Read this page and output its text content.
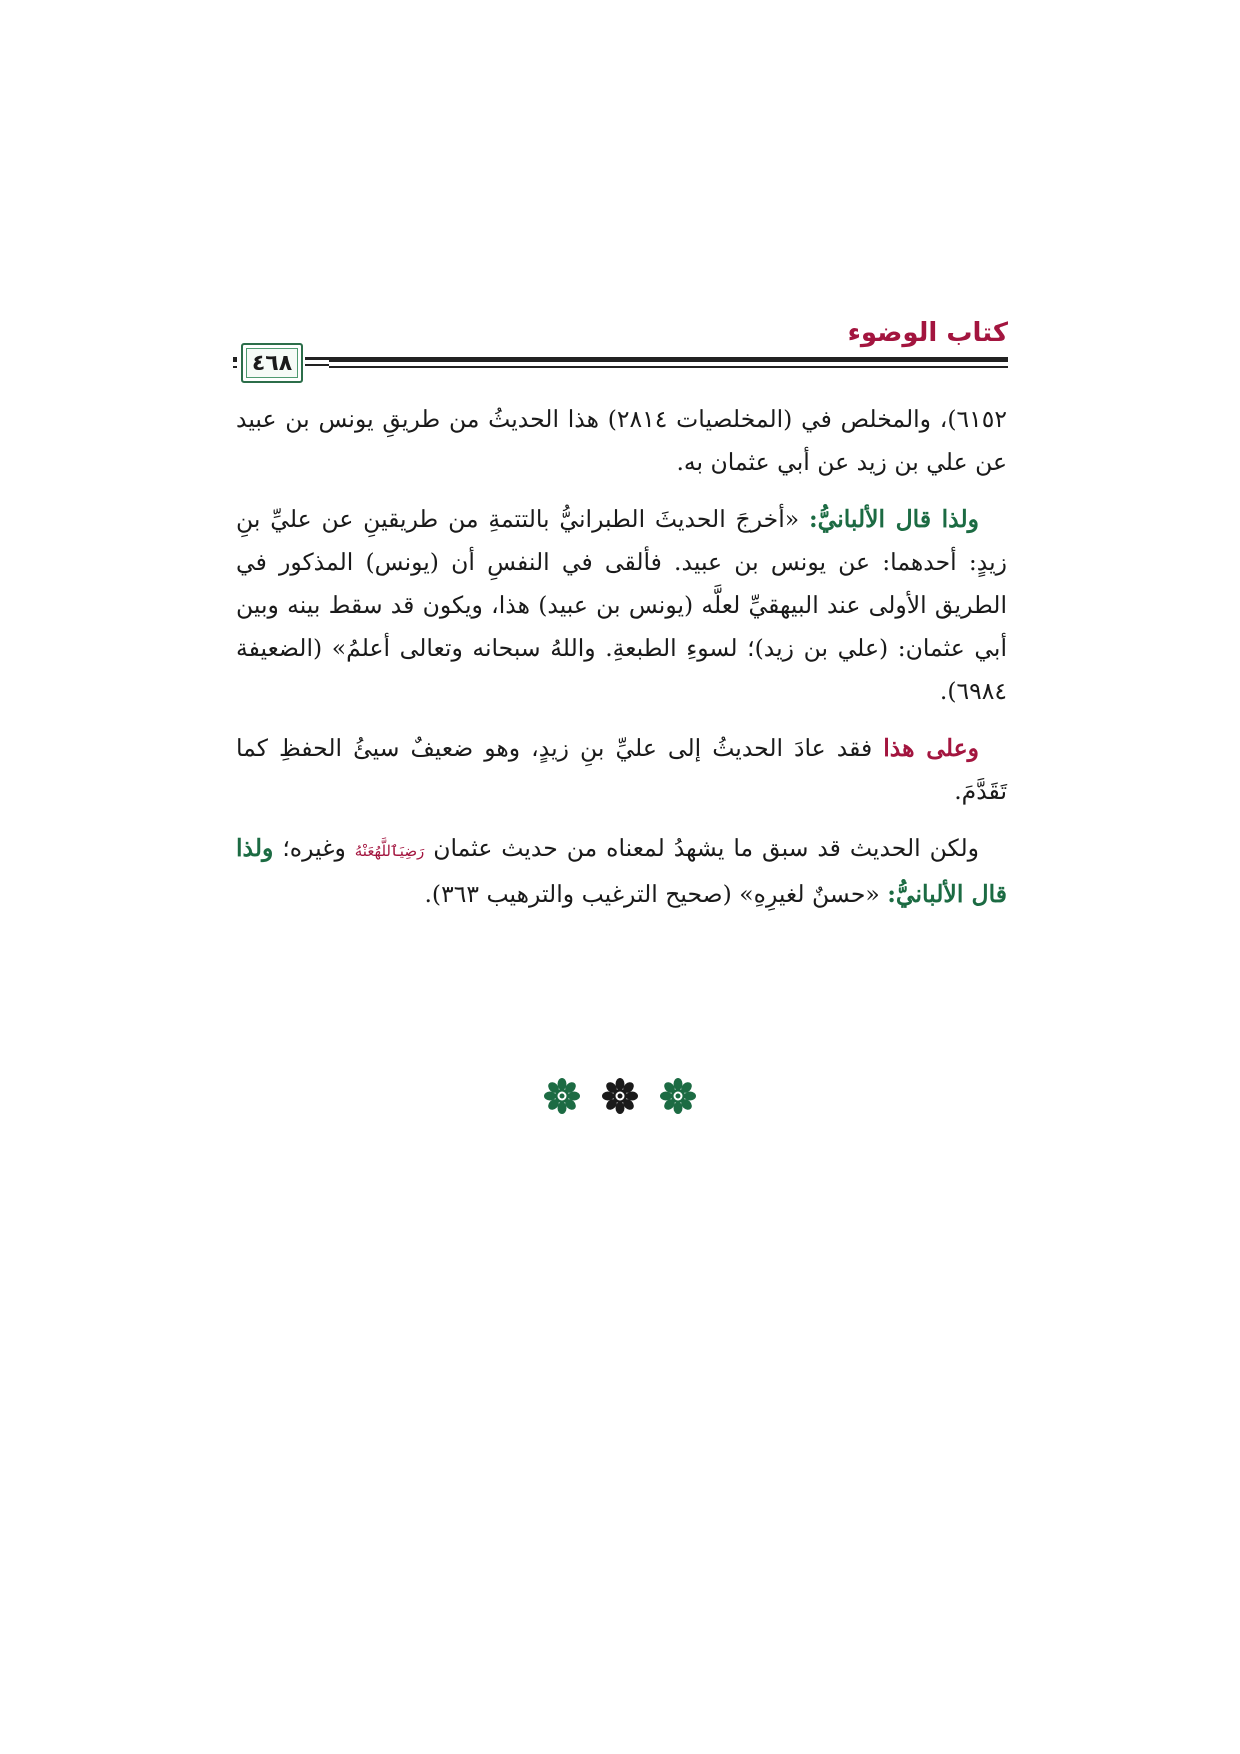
كتاب الوضوء
٤٦٨

٦١٥٢)، والمخلص في (المخلصيات ٢٨١٤) هذا الحديثُ من طريقِ يونس بن عبيد عن علي بن زيد عن أبي عثمان به.

ولذا قال الألبانيُّ: «أخرجَ الحديثَ الطبرانيُّ بالتتمةِ من طريقينِ عن عليِّ بنِ زيدٍ: أحدهما: عن يونس بن عبيد. فألقى في النفسِ أن (يونس) المذكور في الطريق الأولى عند البيهقيِّ لعلَّه (يونس بن عبيد) هذا، ويكون قد سقط بينه وبين أبي عثمان: (علي بن زيد)؛ لسوءِ الطبعةِ. واللهُ سبحانه وتعالى أعلمُ» (الضعيفة ٦٩٨٤).

وعلى هذا فقد عادَ الحديثُ إلى عليِّ بنِ زيدٍ، وهو ضعيفٌ سيئُ الحفظِ كما تَقَدَّمَ.

ولكن الحديث قد سبق ما يشهدُ لمعناه من حديث عثمان رَضِيَٱللَّهُعَنْهُ وغيره؛ ولذا قال الألبانيُّ: «حسنٌ لغيرِهِ» (صحيح الترغيب والترهيب ٣٦٣).
